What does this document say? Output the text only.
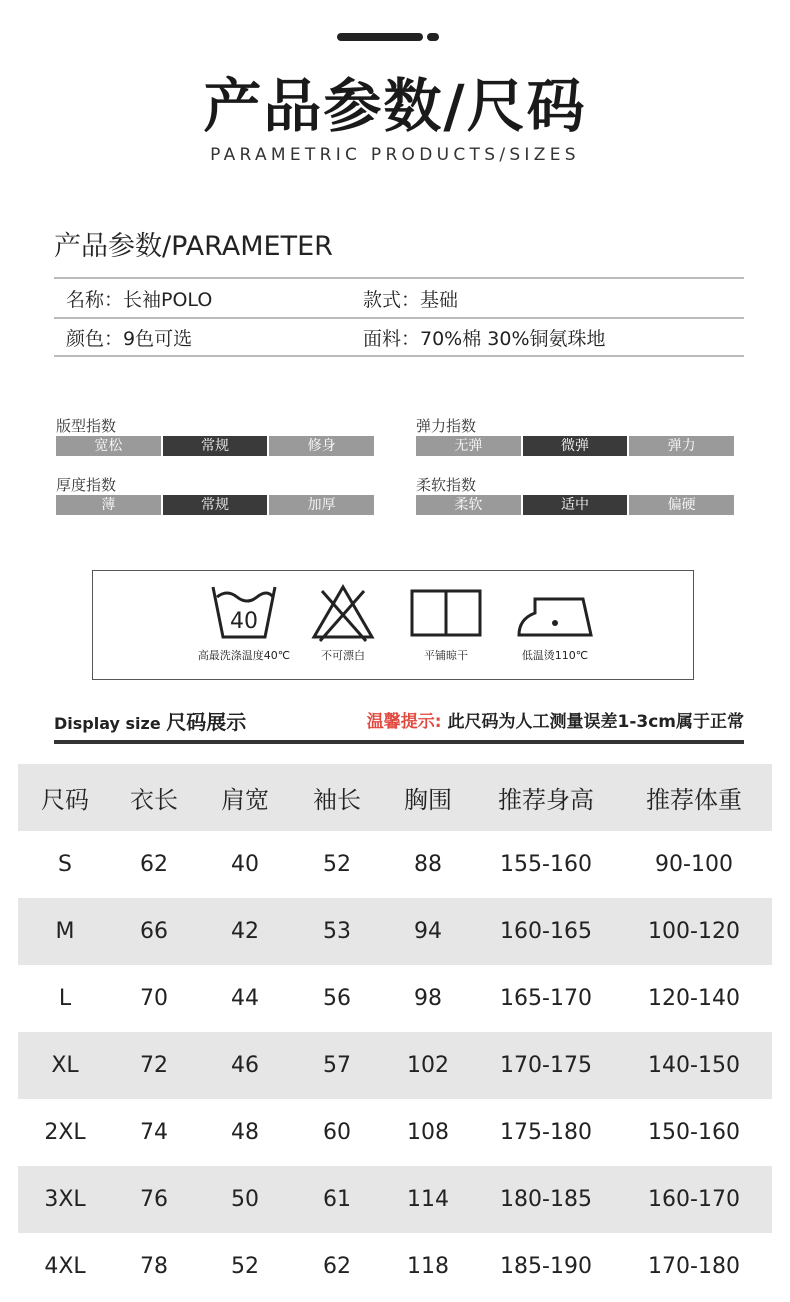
产品参数/尺码
PARAMETRIC PRODUCTS/SIZES
产品参数/PARAMETER
名称：长袖POLO	款式：基础
颜色：9色可选	面料：70%棉 30%铜氨珠地
版型指数
宽松	常规	修身
弹力指数
无弹	微弹	弹力
厚度指数
薄	常规	加厚
柔软指数
柔软	适中	偏硬
40
高最洗涤温度40℃	不可漂白	平铺晾干	低温烫110℃
Display size 尺码展示	温馨提示: 此尺码为人工测量误差1-3cm属于正常
尺码	衣长	肩宽	袖长	胸围	推荐身高	推荐体重
S	62	40	52	88	155-160	90-100
M	66	42	53	94	160-165	100-120
L	70	44	56	98	165-170	120-140
XL	72	46	57	102	170-175	140-150
2XL	74	48	60	108	175-180	150-160
3XL	76	50	61	114	180-185	160-170
4XL	78	52	62	118	185-190	170-180
